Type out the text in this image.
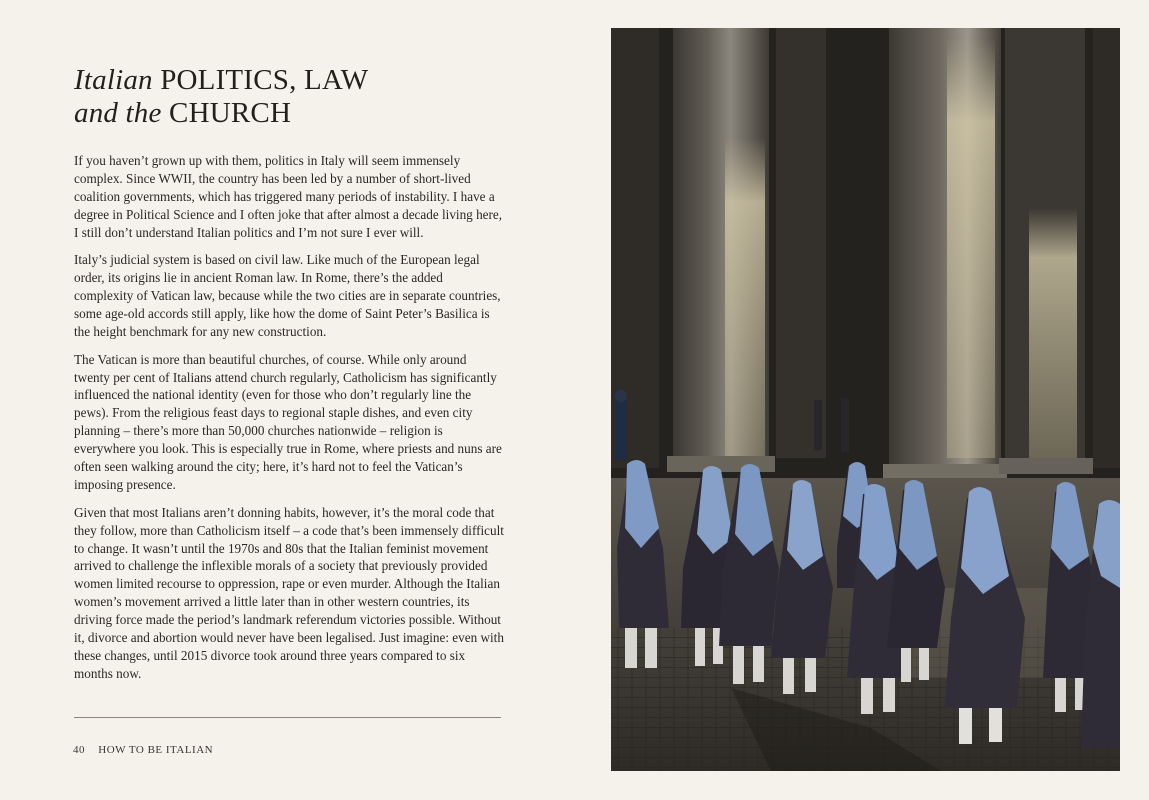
Italian POLITICS, LAW
and the CHURCH

If you haven’t grown up with them, politics in Italy will seem immensely complex. Since WWII, the country has been led by a number of short-lived coalition governments, which has triggered many periods of instability. I have a degree in Political Science and I often joke that after almost a decade living here, I still don’t understand Italian politics and I’m not sure I ever will.

Italy’s judicial system is based on civil law. Like much of the European legal order, its origins lie in ancient Roman law. In Rome, there’s the added complexity of Vatican law, because while the two cities are in separate countries, some age-old accords still apply, like how the dome of Saint Peter’s Basilica is the height benchmark for any new construction.

The Vatican is more than beautiful churches, of course. While only around twenty per cent of Italians attend church regularly, Catholicism has significantly influenced the national identity (even for those who don’t regularly line the pews). From the religious feast days to regional staple dishes, and even city planning – there’s more than 50,000 churches nationwide – religion is everywhere you look. This is especially true in Rome, where priests and nuns are often seen walking around the city; here, it’s hard not to feel the Vatican’s imposing presence.

Given that most Italians aren’t donning habits, however, it’s the moral code that they follow, more than Catholicism itself – a code that’s been immensely difficult to change. It wasn’t until the 1970s and 80s that the Italian feminist movement arrived to challenge the inflexible morals of a society that previously provided women limited recourse to oppression, rape or even murder. Although the Italian women’s movement arrived a little later than in other western countries, its driving force made the period’s landmark referendum victories possible. Without it, divorce and abortion would never have been legalised. Just imagine: even with these changes, until 2015 divorce took around three years compared to six months now.

40 HOW TO BE ITALIAN
